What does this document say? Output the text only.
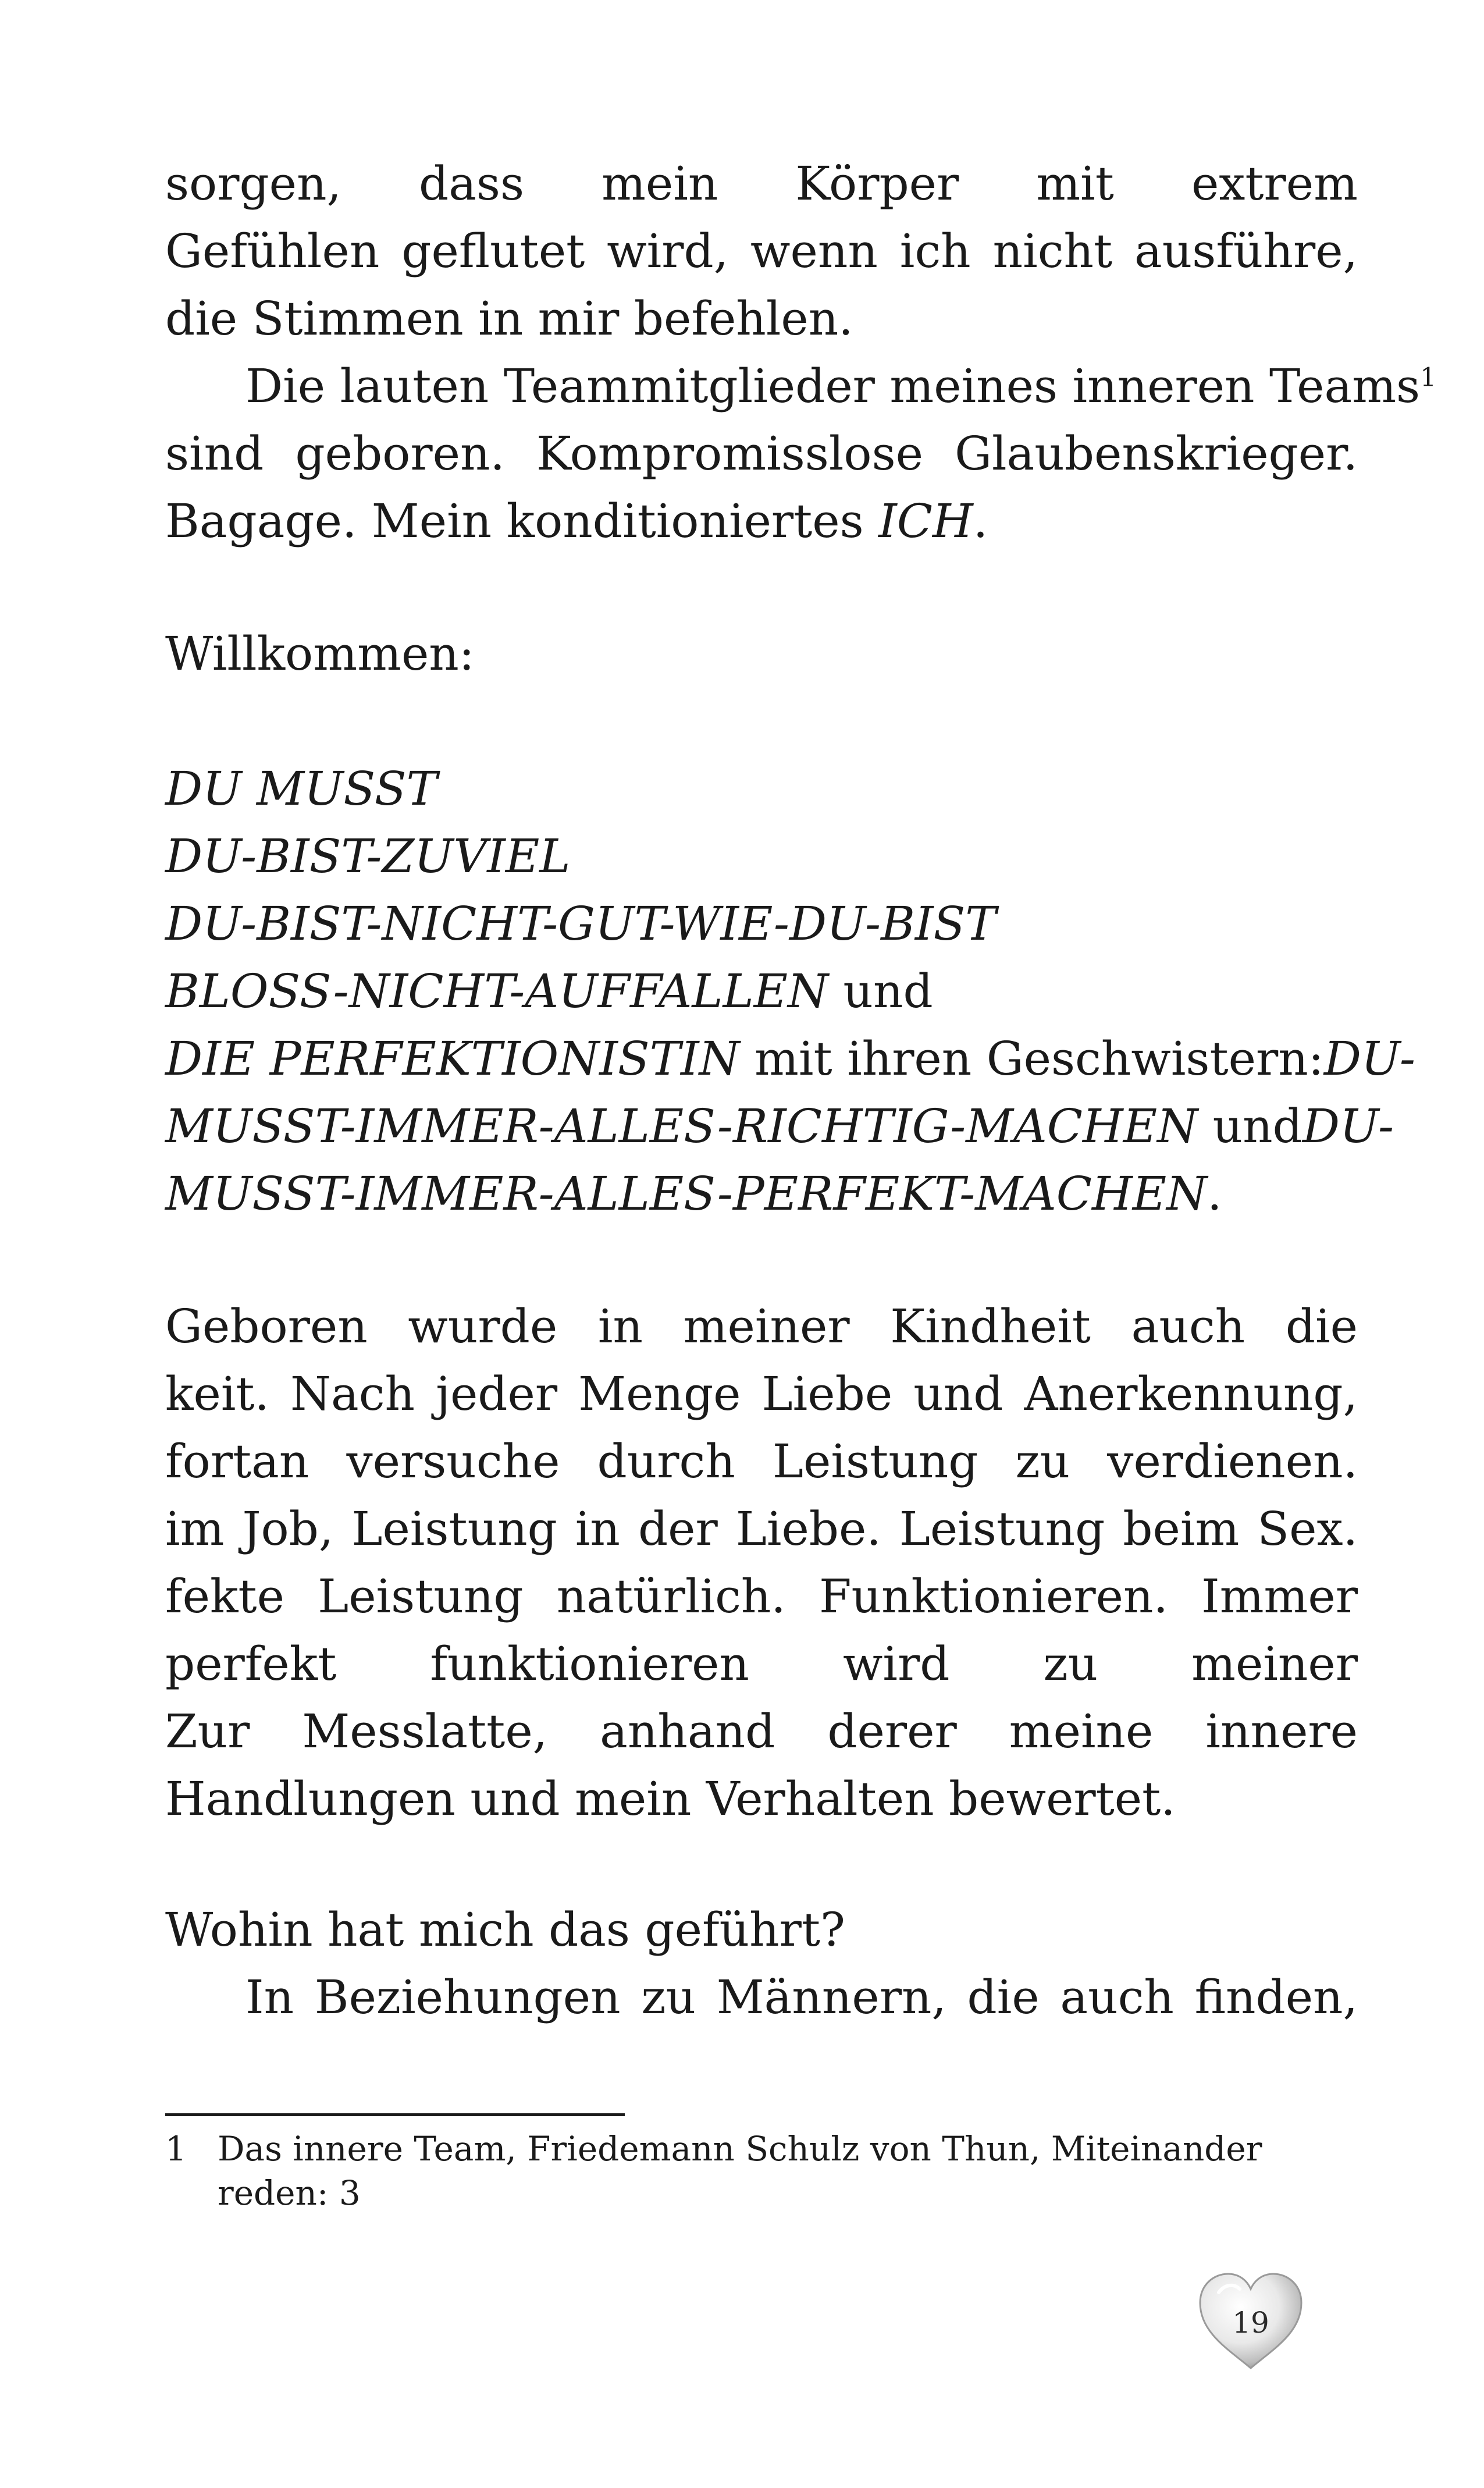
sorgen, dass mein Körper mit extrem
Gefühlen geflutet wird, wenn ich nicht ausführe,
die Stimmen in mir befehlen.
Die lauten Teammitglieder meines inneren Teams$^1$
sind geboren. Kompromisslose Glaubenskrieger.
Bagage. Mein konditioniertes ICH.
Willkommen:
DU MUSST
DU-BIST-ZUVIEL
DU-BIST-NICHT-GUT-WIE-DU-BIST
BLOSS-NICHT-AUFFALLEN und
DIE PERFEKTIONISTIN mit ihren Geschwistern: DU-
MUSST-IMMER-ALLES-RICHTIG-MACHEN und DU-
MUSST-IMMER-ALLES-PERFEKT-MACHEN.
Geboren wurde in meiner Kindheit auch die
keit. Nach jeder Menge Liebe und Anerkennung,
fortan versuche durch Leistung zu verdienen.
im Job, Leistung in der Liebe. Leistung beim Sex.
fekte Leistung natürlich. Funktionieren. Immer
perfekt funktionieren wird zu meiner
Zur Messlatte, anhand derer meine innere
Handlungen und mein Verhalten bewertet.
Wohin hat mich das geführt?
In Beziehungen zu Männern, die auch finden,
1 Das innere Team, Friedemann Schulz von Thun, Miteinander
reden: 3
19
